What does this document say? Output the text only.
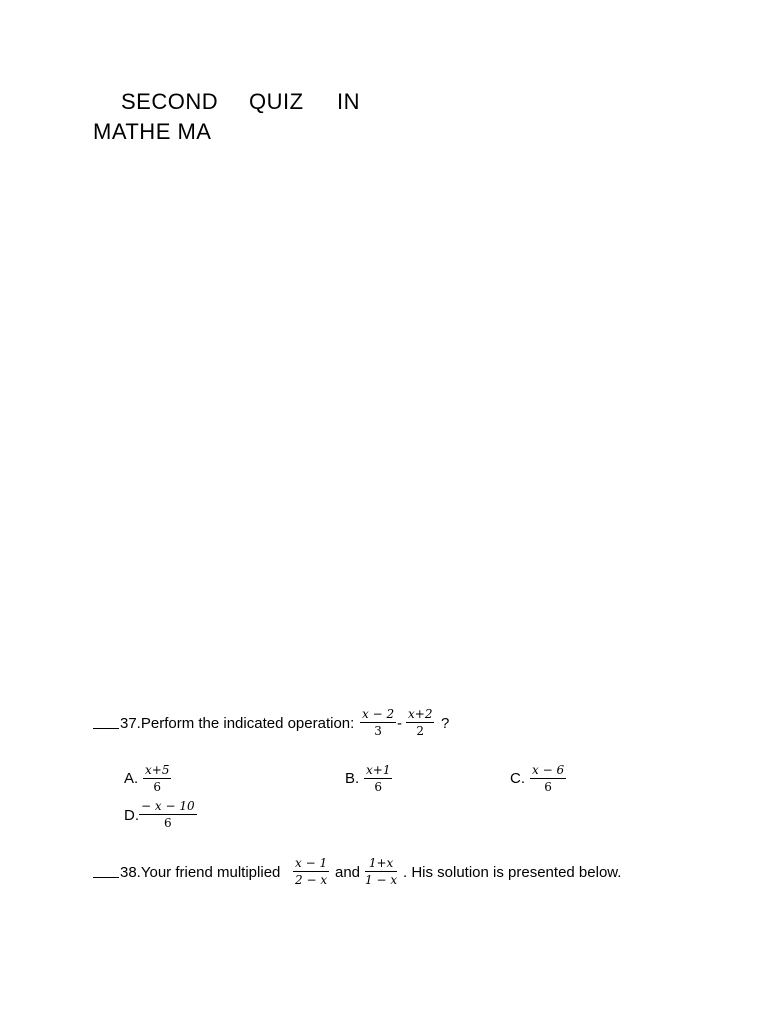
SECOND QUIZ IN
MATHE MA
37.Perform the indicated operation:
x − 2
3 -
x+2
2 ?
A. x+5
6	B. x+1
6	C. x − 6
6
D.
− x − 10
6
38.Your friend multiplied
x − 1
2 − x and
1+x
1 − x . His solution is presented below.
